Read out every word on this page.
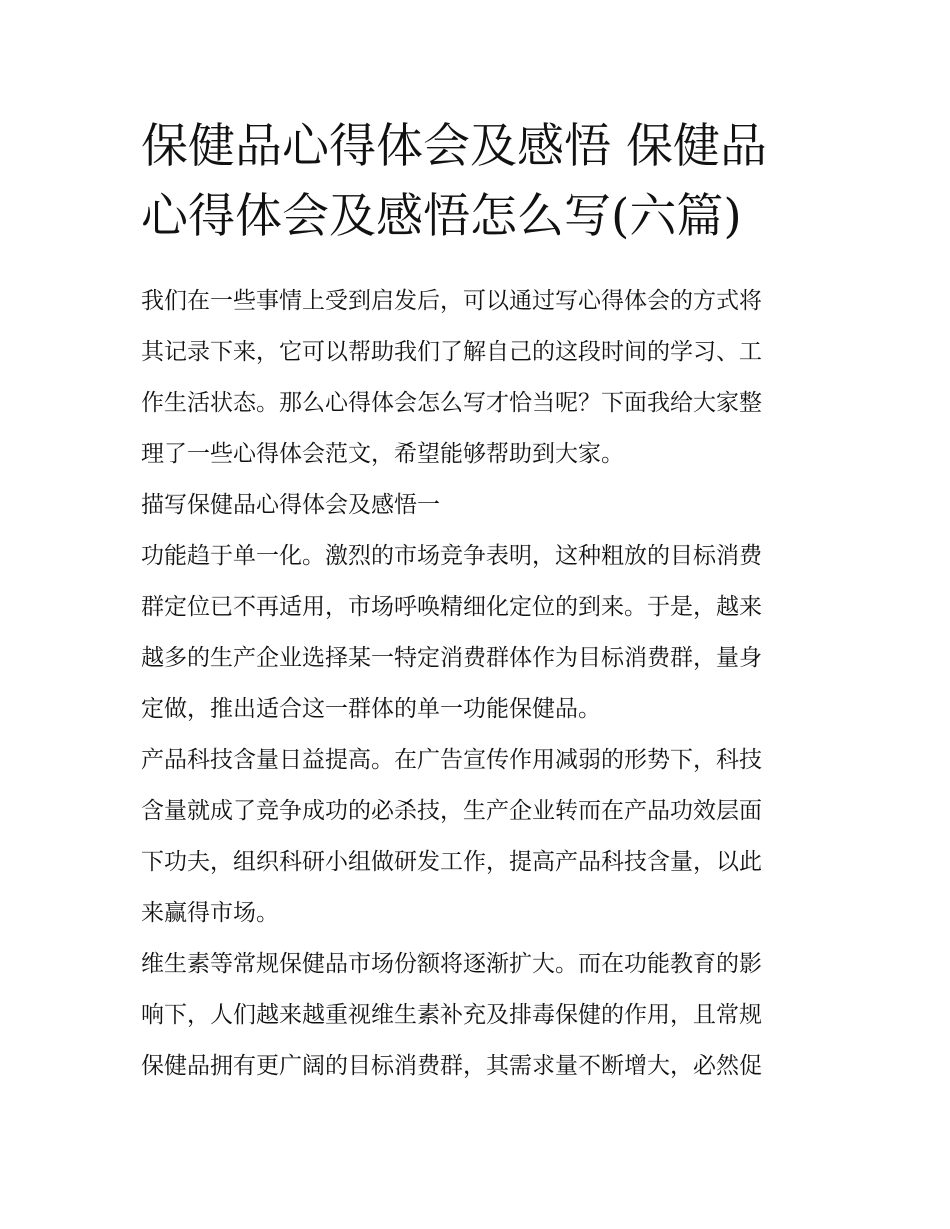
保健品心得体会及感悟 保健品
心得体会及感悟怎么写(六篇)

我们在一些事情上受到启发后，可以通过写心得体会的方式将
其记录下来，它可以帮助我们了解自己的这段时间的学习、工
作生活状态。那么心得体会怎么写才恰当呢？下面我给大家整
理了一些心得体会范文，希望能够帮助到大家。

描写保健品心得体会及感悟一

功能趋于单一化。激烈的市场竞争表明，这种粗放的目标消费
群定位已不再适用，市场呼唤精细化定位的到来。于是，越来
越多的生产企业选择某一特定消费群体作为目标消费群，量身
定做，推出适合这一群体的单一功能保健品。

产品科技含量日益提高。在广告宣传作用减弱的形势下，科技
含量就成了竞争成功的必杀技，生产企业转而在产品功效层面
下功夫，组织科研小组做研发工作，提高产品科技含量，以此
来赢得市场。

维生素等常规保健品市场份额将逐渐扩大。而在功能教育的影
响下，人们越来越重视维生素补充及排毒保健的作用，且常规
保健品拥有更广阔的目标消费群，其需求量不断增大，必然促
